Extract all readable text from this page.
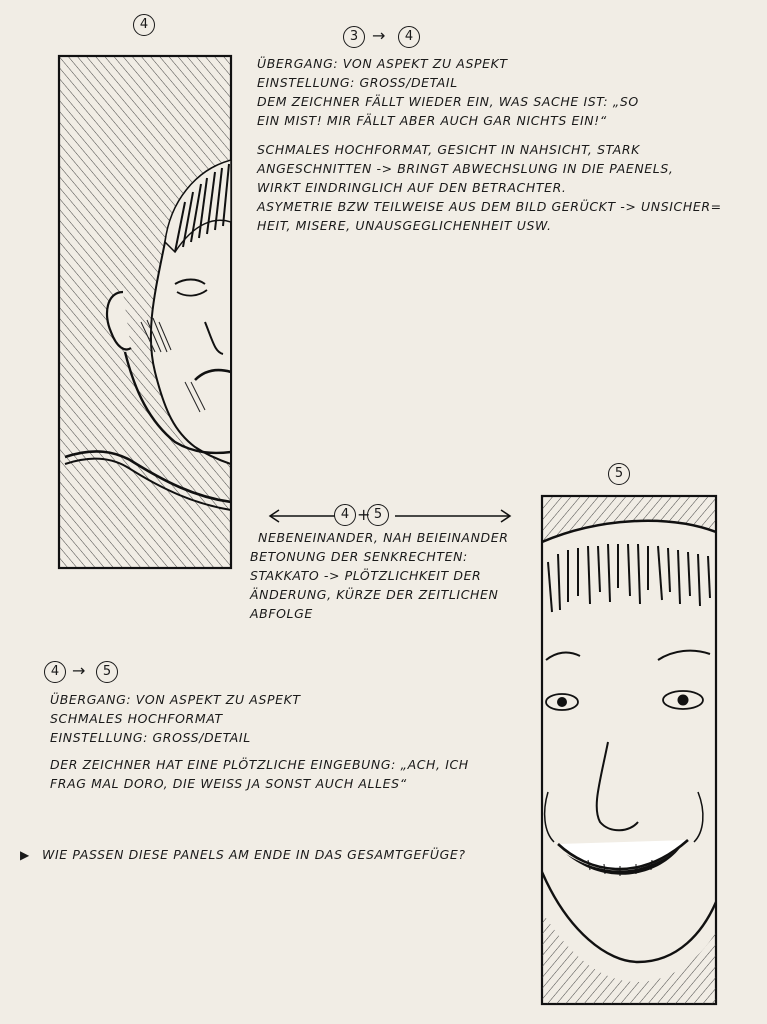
4
3 →	4
ÜBERGANG: VON ASPEKT ZU ASPEKT
EINSTELLUNG: GROSS/DETAIL
DEM ZEICHNER FÄLLT WIEDER EIN, WAS SACHE IST: „SO
EIN MIST! MIR FÄLLT ABER AUCH GAR NICHTS EIN!“
SCHMALES HOCHFORMAT, GESICHT IN NAHSICHT, STARK
ANGESCHNITTEN -> BRINGT ABWECHSLUNG IN DIE PAENELS,
WIRKT EINDRINGLICH AUF DEN BETRACHTER.
ASYMETRIE BZW TEILWEISE AUS DEM BILD GERÜCKT -> UNSICHER=
HEIT, MISERE, UNAUSGEGLICHENHEIT USW.
4 + 5
NEBENEINANDER, NAH BEIEINANDER
BETONUNG DER SENKRECHTEN:
STAKKATO -> PLÖTZLICHKEIT DER
ÄNDERUNG, KÜRZE DER ZEITLICHEN
ABFOLGE
5
4 →	5
ÜBERGANG: VON ASPEKT ZU ASPEKT
SCHMALES HOCHFORMAT
EINSTELLUNG: GROSS/DETAIL
DER ZEICHNER HAT EINE PLÖTZLICHE EINGEBUNG: „ACH, ICH
FRAG MAL DORO, DIE WEISS JA SONST AUCH ALLES“
▶ WIE PASSEN DIESE PANELS AM ENDE IN DAS GESAMTGEFÜGE?
